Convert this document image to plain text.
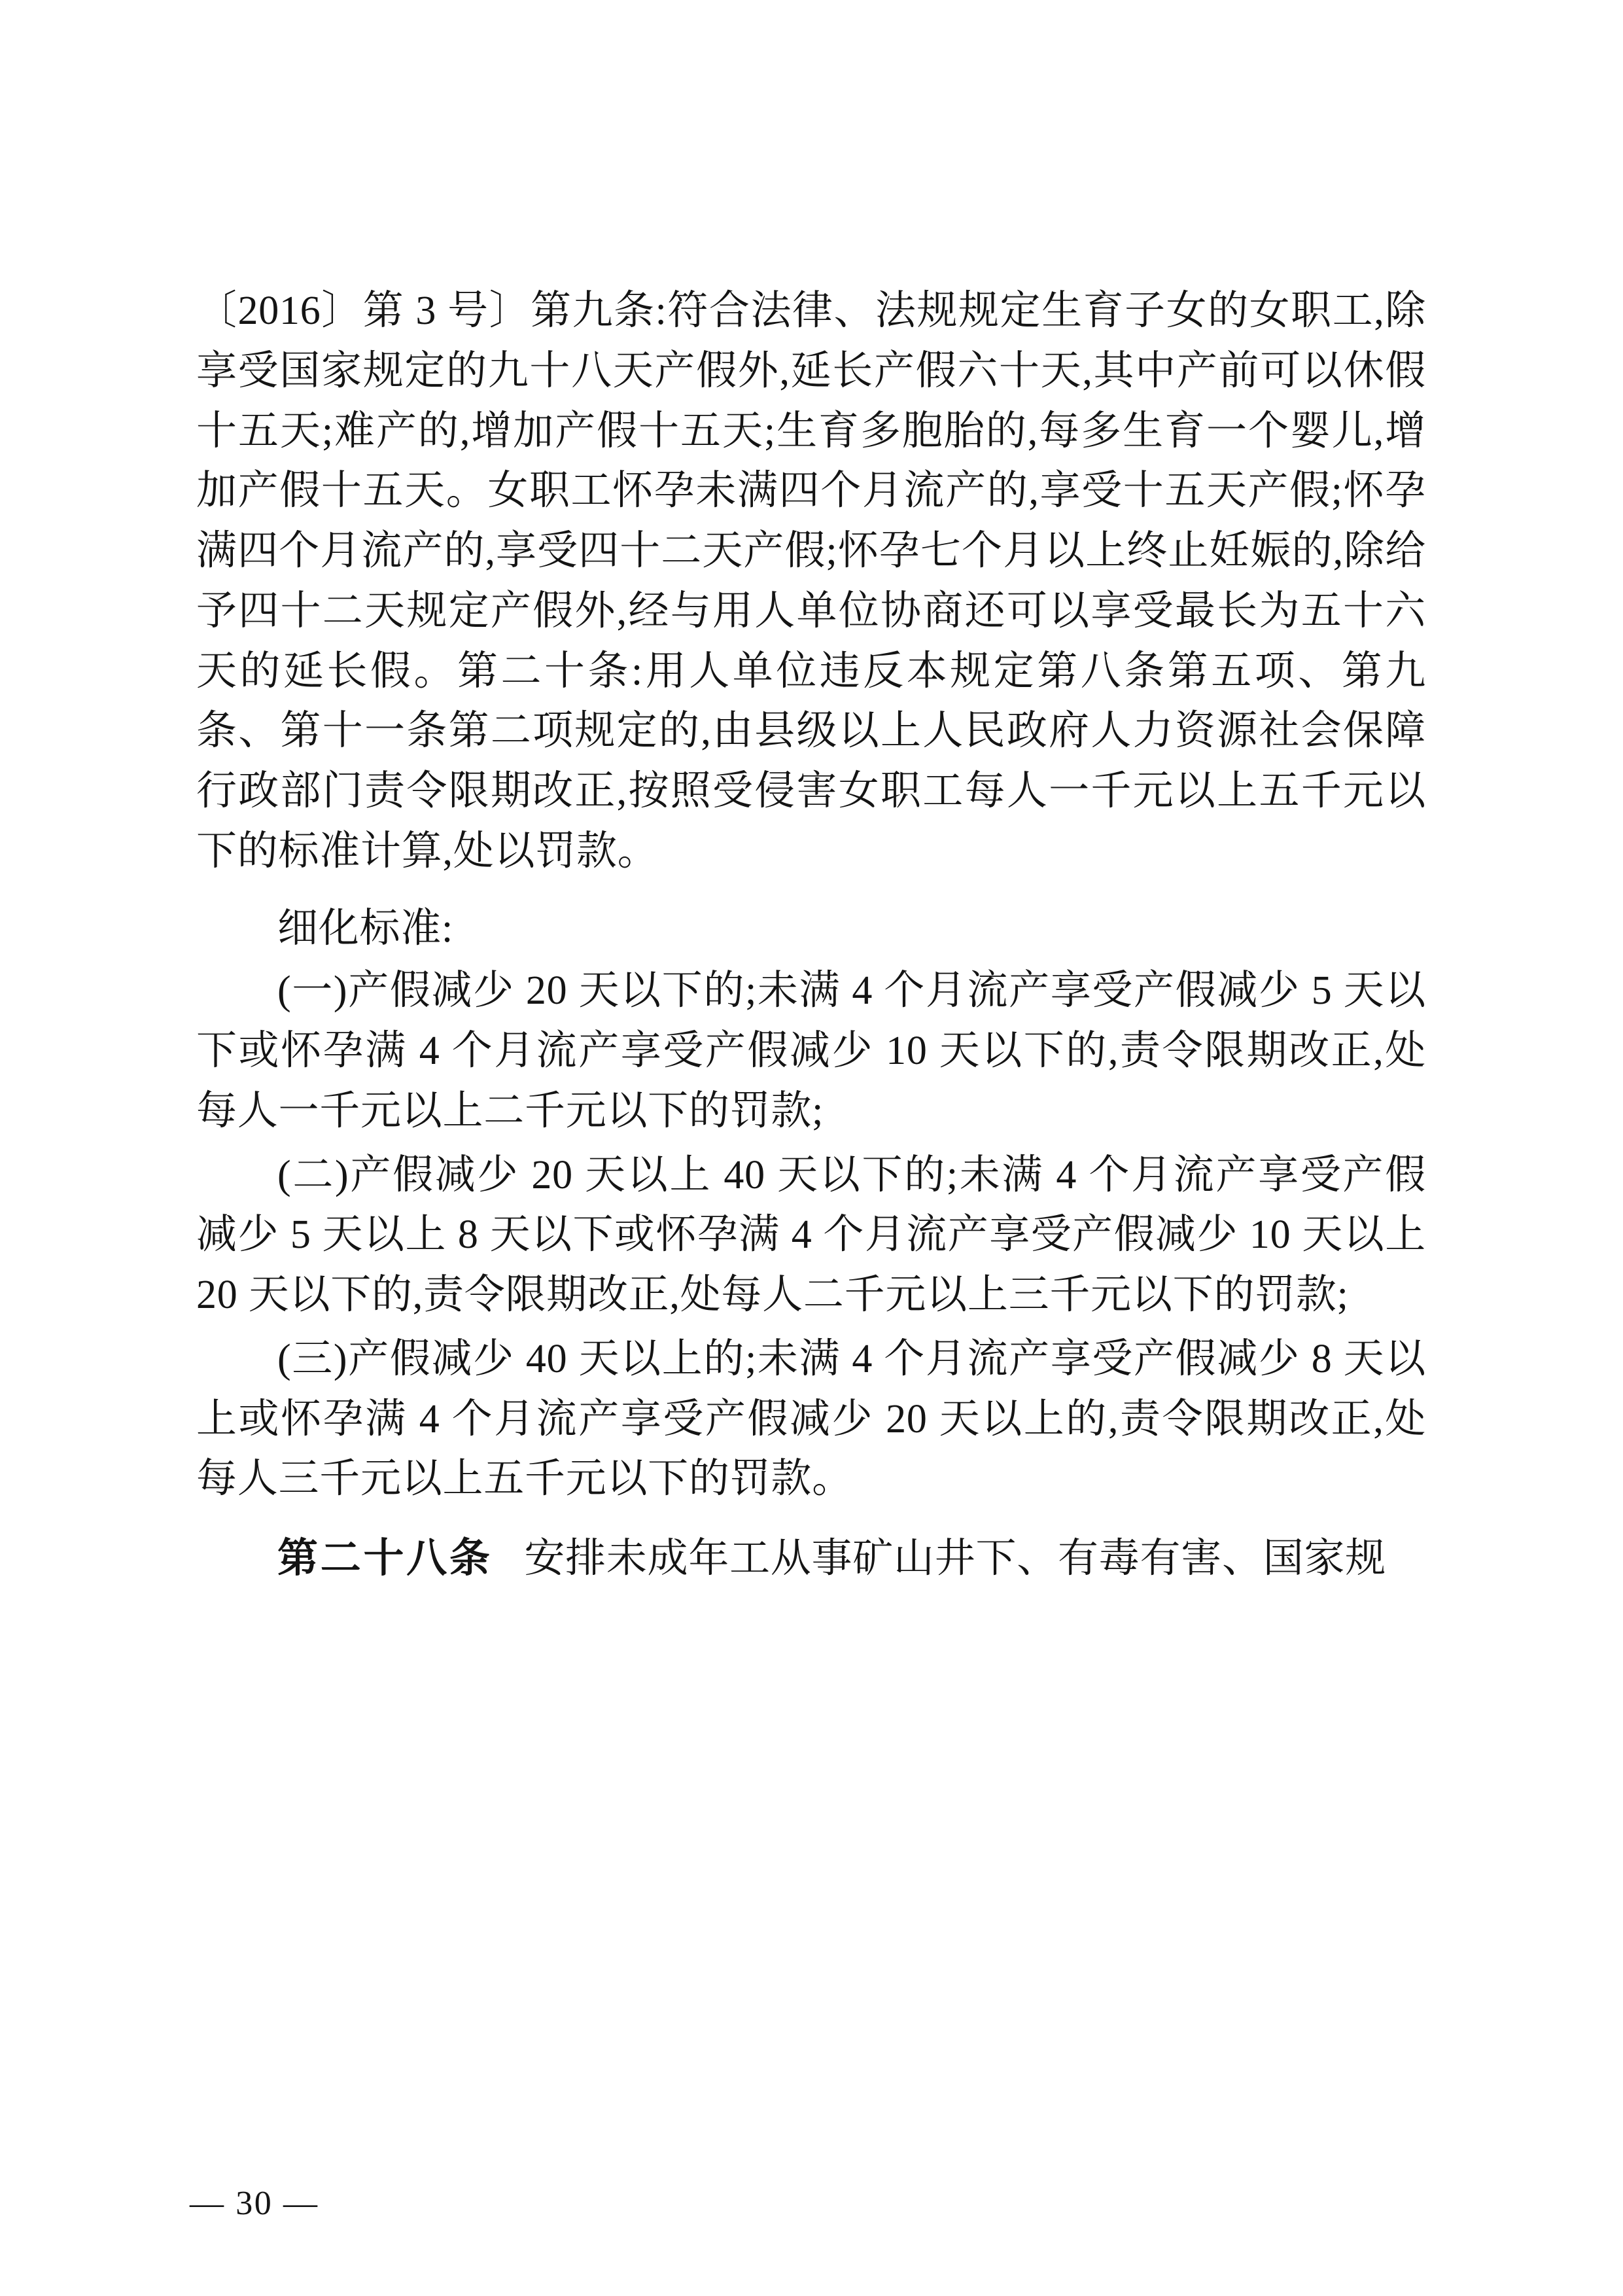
〔2016〕第 3 号〕第九条:符合法律、法规规定生育子女的女职工,除享受国家规定的九十八天产假外,延长产假六十天,其中产前可以休假十五天;难产的,增加产假十五天;生育多胞胎的,每多生育一个婴儿,增加产假十五天。女职工怀孕未满四个月流产的,享受十五天产假;怀孕满四个月流产的,享受四十二天产假;怀孕七个月以上终止妊娠的,除给予四十二天规定产假外,经与用人单位协商还可以享受最长为五十六天的延长假。第二十条:用人单位违反本规定第八条第五项、第九条、第十一条第二项规定的,由县级以上人民政府人力资源社会保障行政部门责令限期改正,按照受侵害女职工每人一千元以上五千元以下的标准计算,处以罚款。

细化标准:

(一)产假减少 20 天以下的;未满 4 个月流产享受产假减少 5 天以下或怀孕满 4 个月流产享受产假减少 10 天以下的,责令限期改正,处每人一千元以上二千元以下的罚款;

(二)产假减少 20 天以上 40 天以下的;未满 4 个月流产享受产假减少 5 天以上 8 天以下或怀孕满 4 个月流产享受产假减少 10 天以上 20 天以下的,责令限期改正,处每人二千元以上三千元以下的罚款;

(三)产假减少 40 天以上的;未满 4 个月流产享受产假减少 8 天以上或怀孕满 4 个月流产享受产假减少 20 天以上的,责令限期改正,处每人三千元以上五千元以下的罚款。

第二十八条 安排未成年工从事矿山井下、有毒有害、国家规

— 30 —
